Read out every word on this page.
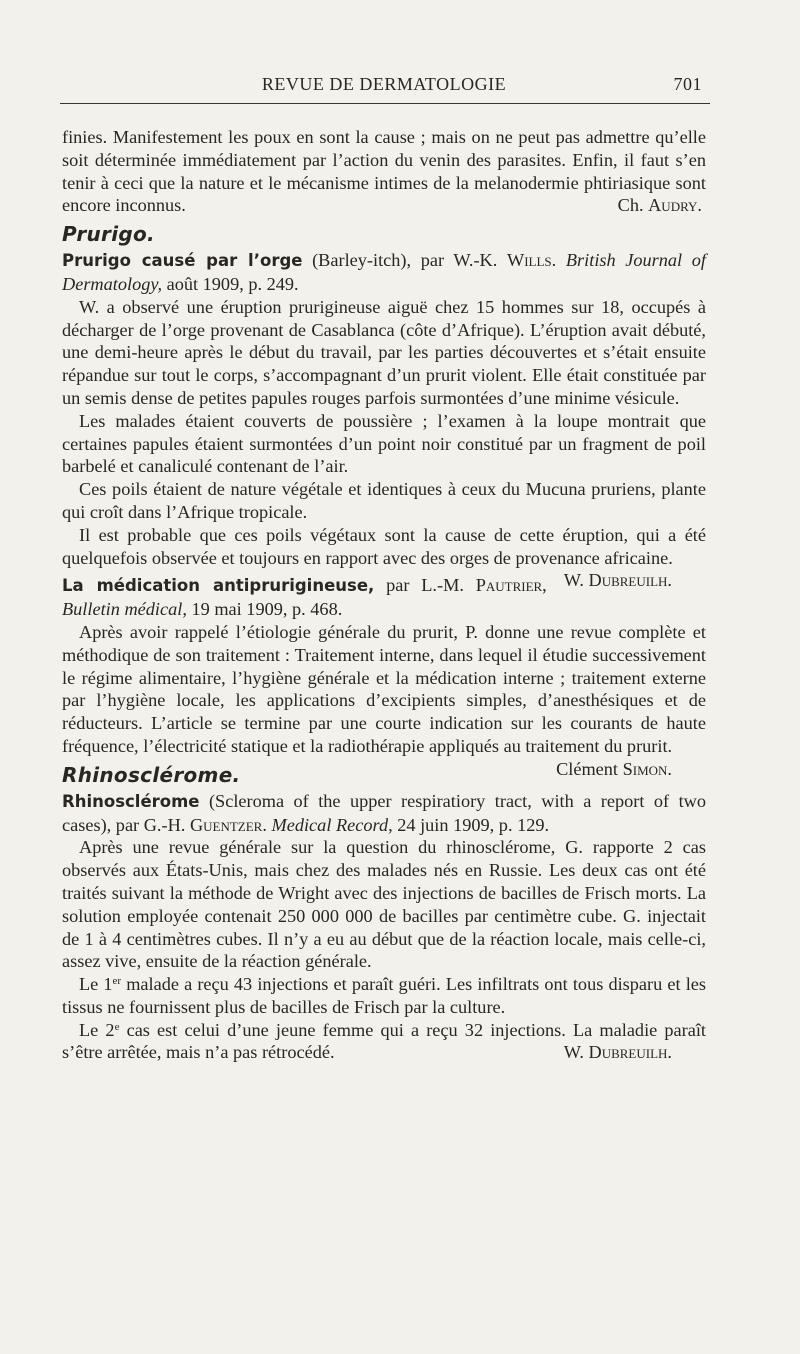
REVUE DE DERMATOLOGIE	701

finies. Manifestement les poux en sont la cause ; mais on ne peut pas admettre qu’elle soit déterminée immédiatement par l’action du venin des parasites. Enfin, il faut s’en tenir à ceci que la nature et le mécanisme intimes de la melanodermie phtiriasique sont encore inconnus.	Ch. Audry.

Prurigo.

Prurigo causé par l’orge (Barley-itch), par W.-K. Wills. British Journal of Dermatology, août 1909, p. 249.

W. a observé une éruption prurigineuse aiguë chez 15 hommes sur 18, occupés à décharger de l’orge provenant de Casablanca (côte d’Afrique). L’éruption avait débuté, une demi-heure après le début du travail, par les parties découvertes et s’était ensuite répandue sur tout le corps, s’accompagnant d’un prurit violent. Elle était constituée par un semis dense de petites papules rouges parfois surmontées d’une minime vésicule.

Les malades étaient couverts de poussière ; l’examen à la loupe montrait que certaines papules étaient surmontées d’un point noir constitué par un fragment de poil barbelé et canaliculé contenant de l’air.

Ces poils étaient de nature végétale et identiques à ceux du Mucuna pruriens, plante qui croît dans l’Afrique tropicale.

Il est probable que ces poils végétaux sont la cause de cette éruption, qui a été quelquefois observée et toujours en rapport avec des orges de provenance africaine.
W. Dubreuilh.

La médication antiprurigineuse, par L.-M. Pautrier, Bulletin médical, 19 mai 1909, p. 468.

Après avoir rappelé l’étiologie générale du prurit, P. donne une revue complète et méthodique de son traitement : Traitement interne, dans lequel il étudie successivement le régime alimentaire, l’hygiène générale et la médication interne ; traitement externe par l’hygiène locale, les applications d’excipients simples, d’anesthésiques et de réducteurs. L’article se termine par une courte indication sur les courants de haute fréquence, l’électricité statique et la radiothérapie appliqués au traitement du prurit.
Clément Simon.

Rhinosclérome.

Rhinosclérome (Scleroma of the upper respiratiory tract, with a report of two cases), par G.-H. Guentzer. Medical Record, 24 juin 1909, p. 129.

Après une revue générale sur la question du rhinosclérome, G. rapporte 2 cas observés aux États-Unis, mais chez des malades nés en Russie. Les deux cas ont été traités suivant la méthode de Wright avec des injections de bacilles de Frisch morts. La solution employée contenait 250 000 000 de bacilles par centimètre cube. G. injectait de 1 à 4 centimètres cubes. Il n’y a eu au début que de la réaction locale, mais celle-ci, assez vive, ensuite de la réaction générale.

Le 1er malade a reçu 43 injections et paraît guéri. Les infiltrats ont tous disparu et les tissus ne fournissent plus de bacilles de Frisch par la culture.

Le 2e cas est celui d’une jeune femme qui a reçu 32 injections. La maladie paraît s’être arrêtée, mais n’a pas rétrocédé.	W. Dubreuilh.
